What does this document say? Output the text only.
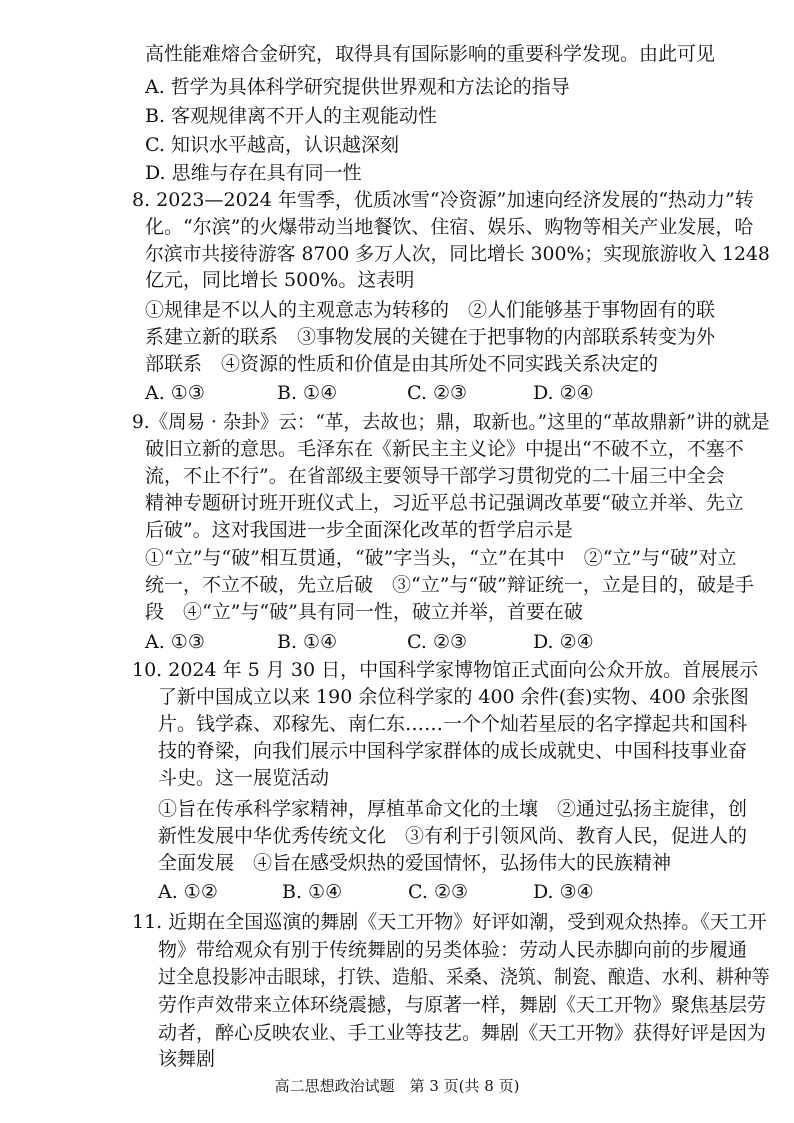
高性能难熔合金研究，取得具有国际影响的重要科学发现。由此可见
A. 哲学为具体科学研究提供世界观和方法论的指导
B. 客观规律离不开人的主观能动性
C. 知识水平越高，认识越深刻
D. 思维与存在具有同一性
8. 2023—2024 年雪季，优质冰雪“冷资源”加速向经济发展的“热动力”转
化。“尔滨”的火爆带动当地餐饮、住宿、娱乐、购物等相关产业发展，哈
尔滨市共接待游客 8700 多万人次，同比增长 300%；实现旅游收入 1248
亿元，同比增长 500%。这表明
①规律是不以人的主观意志为转移的　②人们能够基于事物固有的联
系建立新的联系　③事物发展的关键在于把事物的内部联系转变为外
部联系　④资源的性质和价值是由其所处不同实践关系决定的
A. ①③	B. ①④	C. ②③	D. ②④
9.《周易 · 杂卦》云：“革，去故也；鼎，取新也。”这里的“革故鼎新”讲的就是
破旧立新的意思。毛泽东在《新民主主义论》中提出“不破不立，不塞不
流，不止不行”。在省部级主要领导干部学习贯彻党的二十届三中全会
精神专题研讨班开班仪式上，习近平总书记强调改革要“破立并举、先立
后破”。这对我国进一步全面深化改革的哲学启示是
①“立”与“破”相互贯通，“破”字当头，“立”在其中　②“立”与“破”对立
统一，不立不破，先立后破　③“立”与“破”辩证统一，立是目的，破是手
段　④“立”与“破”具有同一性，破立并举，首要在破
A. ①③	B. ①④	C. ②③	D. ②④
10. 2024 年 5 月 30 日，中国科学家博物馆正式面向公众开放。首展展示
了新中国成立以来 190 余位科学家的 400 余件(套)实物、400 余张图
片。钱学森、邓稼先、南仁东……一个个灿若星辰的名字撑起共和国科
技的脊梁，向我们展示中国科学家群体的成长成就史、中国科技事业奋
斗史。这一展览活动
①旨在传承科学家精神，厚植革命文化的土壤　②通过弘扬主旋律，创
新性发展中华优秀传统文化　③有利于引领风尚、教育人民，促进人的
全面发展　④旨在感受炽热的爱国情怀，弘扬伟大的民族精神
A. ①②	B. ①④	C. ②③	D. ③④
11. 近期在全国巡演的舞剧《天工开物》好评如潮，受到观众热捧。《天工开
物》带给观众有别于传统舞剧的另类体验：劳动人民赤脚向前的步履通
过全息投影冲击眼球，打铁、造船、采桑、浇筑、制瓷、酿造、水利、耕种等
劳作声效带来立体环绕震撼，与原著一样，舞剧《天工开物》聚焦基层劳
动者，醉心反映农业、手工业等技艺。舞剧《天工开物》获得好评是因为
该舞剧
高二思想政治试题　第 3 页(共 8 页)
